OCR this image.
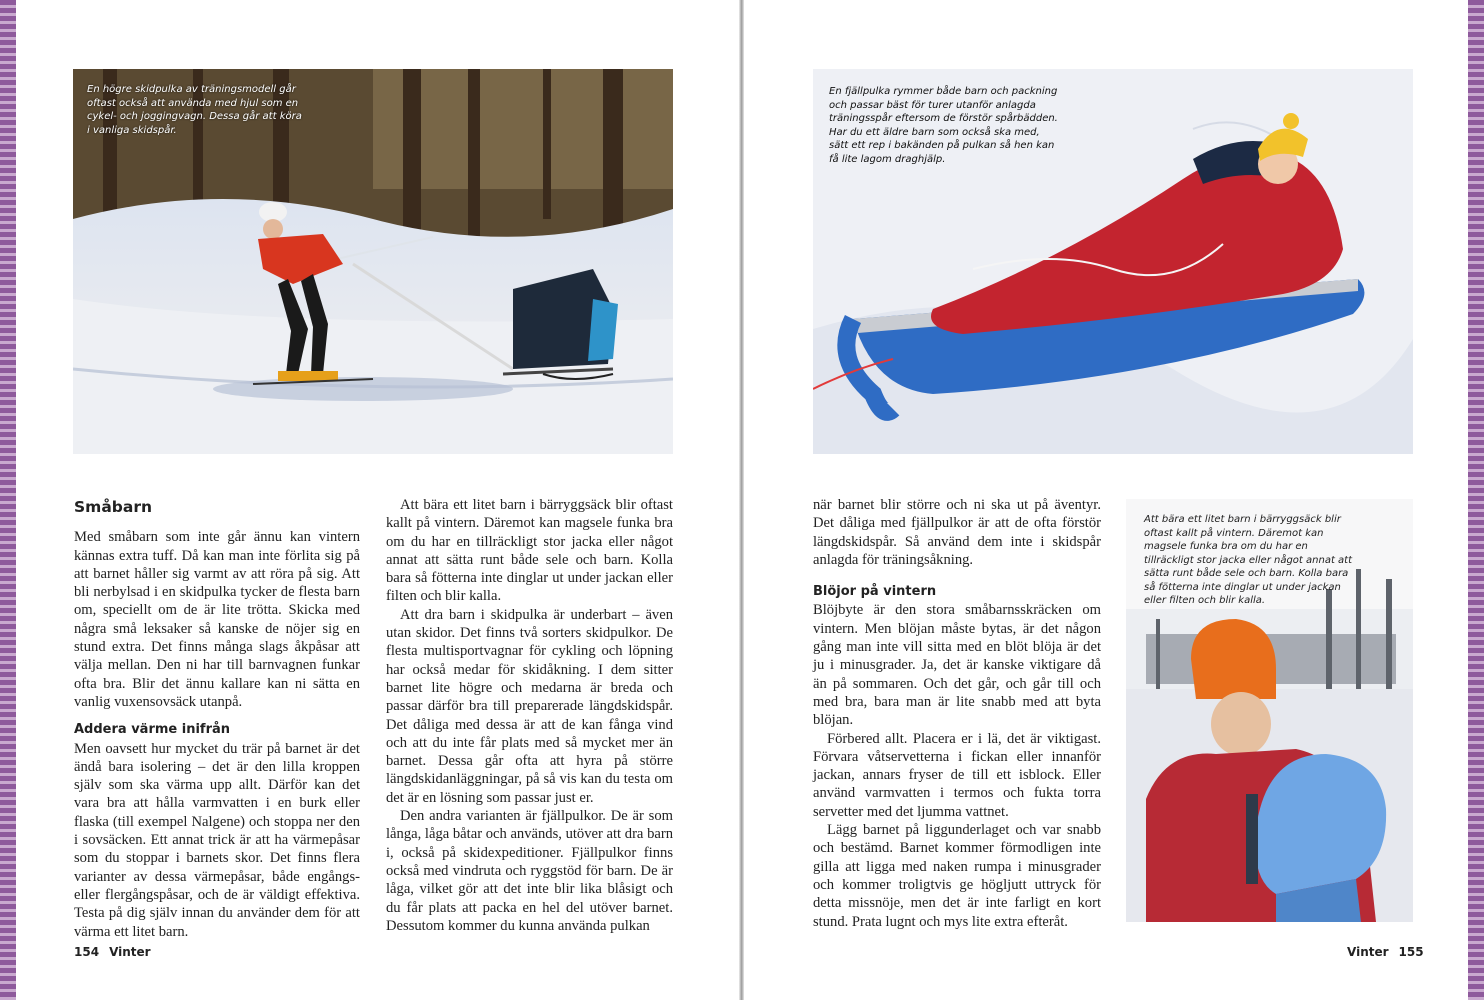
En högre skidpulka av träningsmodell går oftast också att använda med hjul som en cykel- och joggingvagn. Dessa går att köra i vanliga skidspår.
Småbarn

Med småbarn som inte går ännu kan vintern kännas extra tuff. Då kan man inte förlita sig på att barnet håller sig varmt av att röra på sig. Att bli nerbylsad i en skidpulka tycker de flesta barn om, speciellt om de är lite trötta. Skicka med några små leksaker så kanske de nöjer sig en stund extra. Det finns många slags åkpåsar att välja mellan. Den ni har till barnvagnen funkar ofta bra. Blir det ännu kallare kan ni sätta en vanlig vuxensovsäck utanpå.

Addera värme inifrån

Men oavsett hur mycket du trär på barnet är det ändå bara isolering – det är den lilla kroppen själv som ska värma upp allt. Därför kan det vara bra att hålla varmvatten i en burk eller flaska (till exempel Nalgene) och stoppa ner den i sovsäcken. Ett annat trick är att ha värmepåsar som du stoppar i barnets skor. Det finns flera varianter av dessa värmepåsar, både engångs- eller flergångspåsar, och de är väldigt effektiva. Testa på dig själv innan du använder dem för att värma ett litet barn.

Att bära ett litet barn i bärryggsäck blir oftast kallt på vintern. Däremot kan magsele funka bra om du har en tillräckligt stor jacka eller något annat att sätta runt både sele och barn. Kolla bara så fötterna inte dinglar ut under jackan eller filten och blir kalla.

Att dra barn i skidpulka är underbart – även utan skidor. Det finns två sorters skidpulkor. De flesta multisportvagnar för cykling och löpning har också medar för skidåkning. I dem sitter barnet lite högre och medarna är breda och passar därför bra till preparerade längdskidspår. Det dåliga med dessa är att de kan fånga vind och att du inte får plats med så mycket mer än barnet. Dessa går ofta att hyra på större längdskidanläggningar, på så vis kan du testa om det är en lösning som passar just er.

Den andra varianten är fjällpulkor. De är som långa, låga båtar och används, utöver att dra barn i, också på skidexpeditioner. Fjällpulkor finns också med vindruta och ryggstöd för barn. De är låga, vilket gör att det inte blir lika blåsigt och du får plats att packa en hel del utöver barnet. Dessutom kommer du kunna använda pulkan

154 Vinter
En fjällpulka rymmer både barn och packning och passar bäst för turer utanför anlagda träningsspår eftersom de förstör spårbädden. Har du ett äldre barn som också ska med, sätt ett rep i bakänden på pulkan så hen kan få lite lagom draghjälp.

när barnet blir större och ni ska ut på äventyr. Det dåliga med fjällpulkor är att de ofta förstör längdskidspår. Så använd dem inte i skidspår anlagda för träningsåkning.

Blöjor på vintern

Blöjbyte är den stora småbarnsskräcken om vintern. Men blöjan måste bytas, är det någon gång man inte vill sitta med en blöt blöja är det ju i minusgrader. Ja, det är kanske viktigare då än på sommaren. Och det går, och går till och med bra, bara man är lite snabb med att byta blöjan.

Förbered allt. Placera er i lä, det är viktigast. Förvara våtservetterna i fickan eller innanför jackan, annars fryser de till ett isblock. Eller använd varmvatten i termos och fukta torra servetter med det ljumma vattnet.

Lägg barnet på liggunderlaget och var snabb och bestämd. Barnet kommer förmodligen inte gilla att ligga med naken rumpa i minusgrader och kommer troligtvis ge högljutt uttryck för detta missnöje, men det är inte farligt en kort stund. Prata lugnt och mys lite extra efteråt.

Att bära ett litet barn i bärryggsäck blir oftast kallt på vintern. Däremot kan magsele funka bra om du har en tillräckligt stor jacka eller något annat att sätta runt både sele och barn. Kolla bara så fötterna inte dinglar ut under jackan eller filten och blir kalla.
Vinter 155
